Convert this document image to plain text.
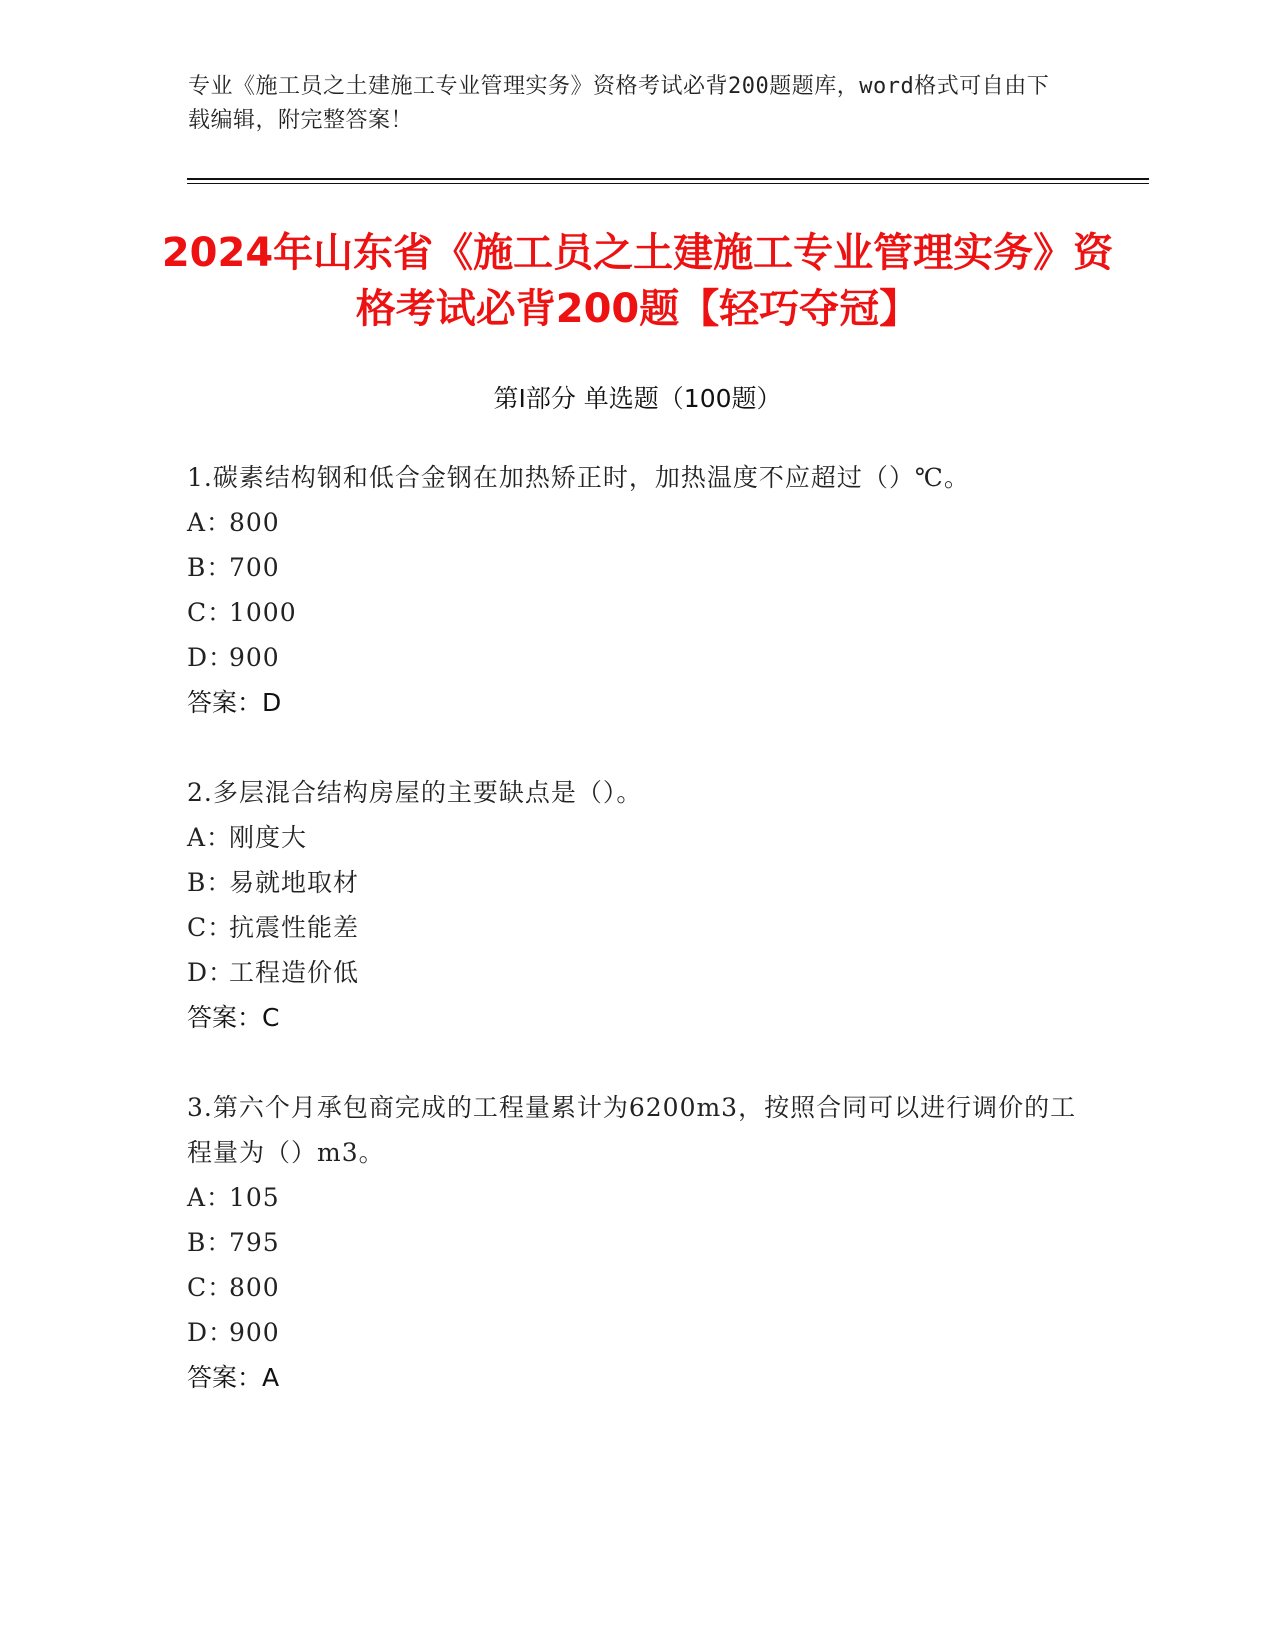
专业《施工员之土建施工专业管理实务》资格考试必背200题题库，word格式可自由下载编辑，附完整答案！
2024年山东省《施工员之土建施工专业管理实务》资格考试必背200题【轻巧夺冠】
第I部分 单选题（100题）
1.碳素结构钢和低合金钢在加热矫正时，加热温度不应超过（）℃。
A：800
B：700
C：1000
D：900
答案：D
2.多层混合结构房屋的主要缺点是（）。
A：刚度大
B：易就地取材
C：抗震性能差
D：工程造价低
答案：C
3.第六个月承包商完成的工程量累计为6200m3，按照合同可以进行调价的工程量为（）m3。
A：105
B：795
C：800
D：900
答案：A
